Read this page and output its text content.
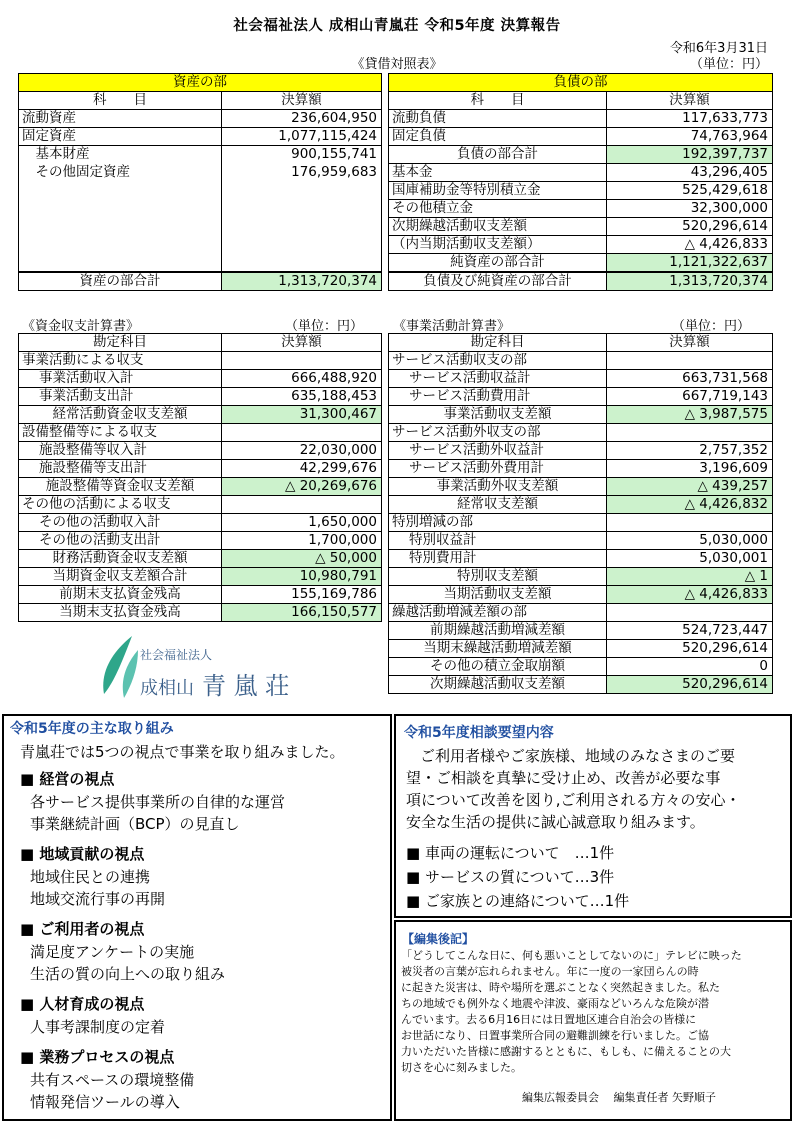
社会福祉法人 成相山青嵐荘 令和5年度 決算報告
令和6年3月31日
《貸借対照表》	（単位：円）
資産の部	
科　　目	決算額
流動資産	236,604,950
固定資産	1,077,115,424
　基本財産	900,155,741
　その他固定資産	176,959,683

資産の部合計	1,313,720,374
負債の部	
科　　目	決算額
流動負債	117,633,773
固定負債	74,763,964
負債の部合計	192,397,737
基本金	43,296,405
国庫補助金等特別積立金	525,429,618
その他積立金	32,300,000
次期繰越活動収支差額	520,296,614
（内当期活動収支差額）	△ 4,426,833
純資産の部合計	1,121,322,637
負債及び純資産の部合計	1,313,720,374
《資金収支計算書》	（単位：円）
勘定科目	決算額
事業活動による収支	
事業活動収入計	666,488,920
事業活動支出計	635,188,453
経常活動資金収支差額	31,300,467
設備整備等による収支	
施設整備等収入計	22,030,000
施設整備等支出計	42,299,676
施設整備等資金収支差額	△ 20,269,676
その他の活動による収支	
その他の活動収入計	1,650,000
その他の活動支出計	1,700,000
財務活動資金収支差額	△ 50,000
当期資金収支差額合計	10,980,791
前期末支払資金残高	155,169,786
当期末支払資金残高	166,150,577
《事業活動計算書》	（単位：円）
勘定科目	決算額
サービス活動収支の部	
サービス活動収益計	663,731,568
サービス活動費用計	667,719,143
事業活動収支差額	△ 3,987,575
サービス活動外収支の部	
サービス活動外収益計	2,757,352
サービス活動外費用計	3,196,609
事業活動外収支差額	△ 439,257
経常収支差額	△ 4,426,832
特別増減の部	
特別収益計	5,030,000
特別費用計	5,030,001
特別収支差額	△ 1
当期活動収支差額	△ 4,426,833
繰越活動増減差額の部	
前期繰越活動増減差額	524,723,447
当期末繰越活動増減差額	520,296,614
その他の積立金取崩額	0
次期繰越活動収支差額	520,296,614
社会福祉法人
成相山 青 嵐 荘
令和5年度の主な取り組み
青嵐荘では5つの視点で事業を取り組みました。
■ 経営の視点
各サービス提供事業所の自律的な運営
事業継続計画（BCP）の見直し
■ 地域貢献の視点
地域住民との連携
地域交流行事の再開
■ ご利用者の視点
満足度アンケートの実施
生活の質の向上への取り組み
■ 人材育成の視点
人事考課制度の定着
■ 業務プロセスの視点
共有スペースの環境整備
情報発信ツールの導入
令和5年度相談要望内容
ご利用者様やご家族様、地域のみなさまのご要
望・ご相談を真摯に受け止め、改善が必要な事
項について改善を図り,ご利用される方々の安心・
安全な生活の提供に誠心誠意取り組みます。
■ 車両の運転について　…1件
■ サービスの質について…3件
■ ご家族との連絡について…1件
【編集後記】
「どうしてこんな日に、何も悪いことしてないのに」テレビに映った
被災者の言葉が忘れられません。年に一度の一家団らんの時
に起きた災害は、時や場所を選ぶことなく突然起きました。私た
ちの地域でも例外なく地震や津波、豪雨などいろんな危険が潜
んでいます。去る6月16日には日置地区連合自治会の皆様に
お世話になり、日置事業所合同の避難訓練を行いました。ご協
力いただいた皆様に感謝するとともに、もしも、に備えることの大
切さを心に刻みました。
編集広報委員会　 編集責任者 矢野順子
